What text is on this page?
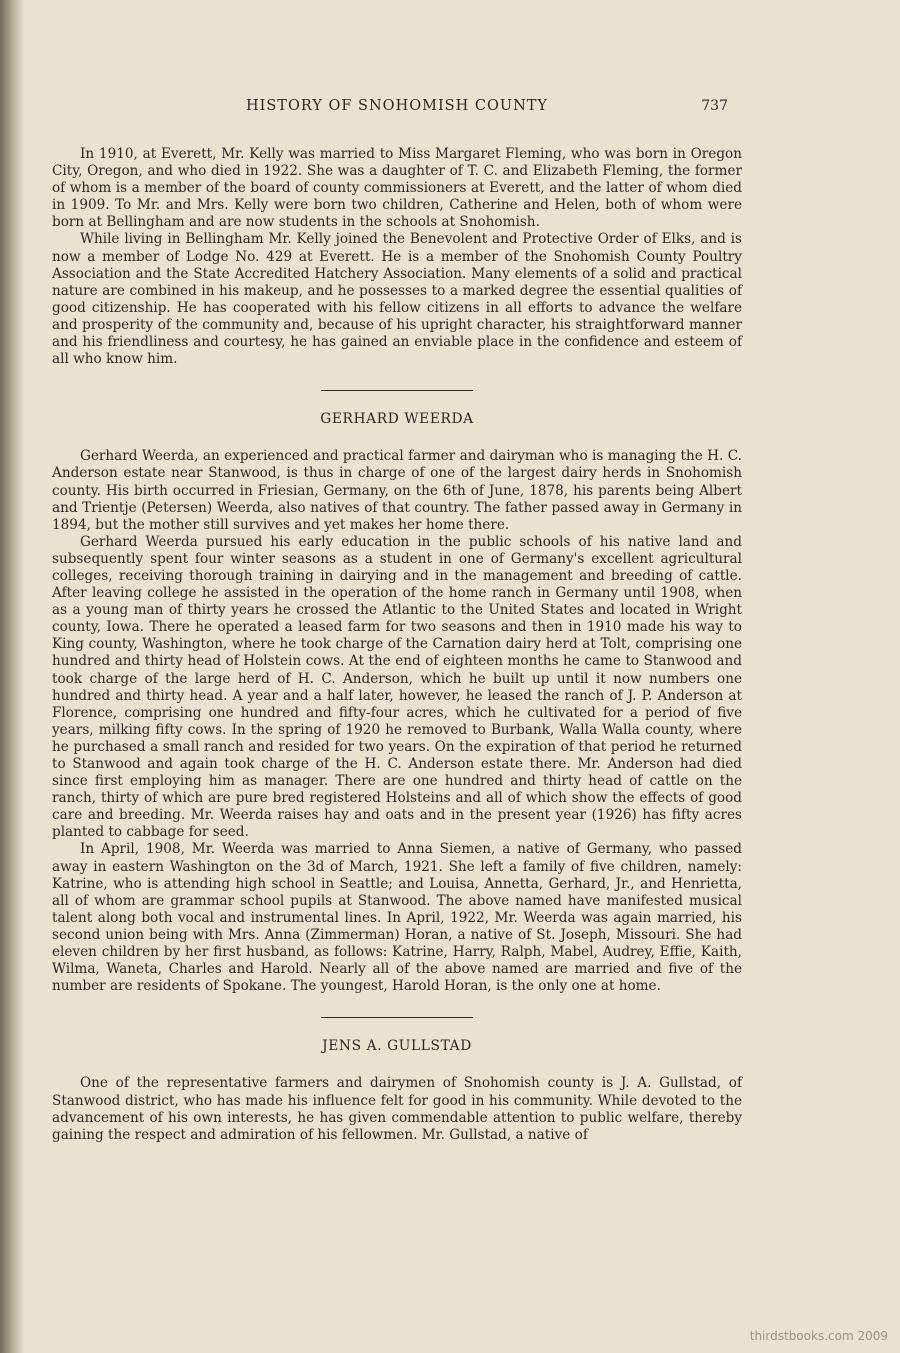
HISTORY OF SNOHOMISH COUNTY	737

In 1910, at Everett, Mr. Kelly was married to Miss Margaret Fleming, who was born in Oregon City, Oregon, and who died in 1922. She was a daughter of T. C. and Elizabeth Fleming, the former of whom is a member of the board of county commissioners at Everett, and the latter of whom died in 1909. To Mr. and Mrs. Kelly were born two children, Catherine and Helen, both of whom were born at Bellingham and are now students in the schools at Snohomish.

While living in Bellingham Mr. Kelly joined the Benevolent and Protective Order of Elks, and is now a member of Lodge No. 429 at Everett. He is a member of the Snohomish County Poultry Association and the State Accredited Hatchery Association. Many elements of a solid and practical nature are combined in his makeup, and he possesses to a marked degree the essential qualities of good citizenship. He has cooperated with his fellow citizens in all efforts to advance the welfare and prosperity of the community and, because of his upright character, his straightforward manner and his friendliness and courtesy, he has gained an enviable place in the confidence and esteem of all who know him.

GERHARD WEERDA

Gerhard Weerda, an experienced and practical farmer and dairyman who is managing the H. C. Anderson estate near Stanwood, is thus in charge of one of the largest dairy herds in Snohomish county. His birth occurred in Friesian, Germany, on the 6th of June, 1878, his parents being Albert and Trientje (Petersen) Weerda, also natives of that country. The father passed away in Germany in 1894, but the mother still survives and yet makes her home there.

Gerhard Weerda pursued his early education in the public schools of his native land and subsequently spent four winter seasons as a student in one of Germany's excellent agricultural colleges, receiving thorough training in dairying and in the management and breeding of cattle. After leaving college he assisted in the operation of the home ranch in Germany until 1908, when as a young man of thirty years he crossed the Atlantic to the United States and located in Wright county, Iowa. There he operated a leased farm for two seasons and then in 1910 made his way to King county, Washington, where he took charge of the Carnation dairy herd at Tolt, comprising one hundred and thirty head of Holstein cows. At the end of eighteen months he came to Stanwood and took charge of the large herd of H. C. Anderson, which he built up until it now numbers one hundred and thirty head. A year and a half later, however, he leased the ranch of J. P. Anderson at Florence, comprising one hundred and fifty-four acres, which he cultivated for a period of five years, milking fifty cows. In the spring of 1920 he removed to Burbank, Walla Walla county, where he purchased a small ranch and resided for two years. On the expiration of that period he returned to Stanwood and again took charge of the H. C. Anderson estate there. Mr. Anderson had died since first employing him as manager. There are one hundred and thirty head of cattle on the ranch, thirty of which are pure bred registered Holsteins and all of which show the effects of good care and breeding. Mr. Weerda raises hay and oats and in the present year (1926) has fifty acres planted to cabbage for seed.

In April, 1908, Mr. Weerda was married to Anna Siemen, a native of Germany, who passed away in eastern Washington on the 3d of March, 1921. She left a family of five children, namely: Katrine, who is attending high school in Seattle; and Louisa, Annetta, Gerhard, Jr., and Henrietta, all of whom are grammar school pupils at Stanwood. The above named have manifested musical talent along both vocal and instrumental lines. In April, 1922, Mr. Weerda was again married, his second union being with Mrs. Anna (Zimmerman) Horan, a native of St. Joseph, Missouri. She had eleven children by her first husband, as follows: Katrine, Harry, Ralph, Mabel, Audrey, Effie, Kaith, Wilma, Waneta, Charles and Harold. Nearly all of the above named are married and five of the number are residents of Spokane. The youngest, Harold Horan, is the only one at home.

JENS A. GULLSTAD

One of the representative farmers and dairymen of Snohomish county is J. A. Gullstad, of Stanwood district, who has made his influence felt for good in his community. While devoted to the advancement of his own interests, he has given commendable attention to public welfare, thereby gaining the respect and admiration of his fellowmen. Mr. Gullstad, a native of

thirdstbooks.com 2009
